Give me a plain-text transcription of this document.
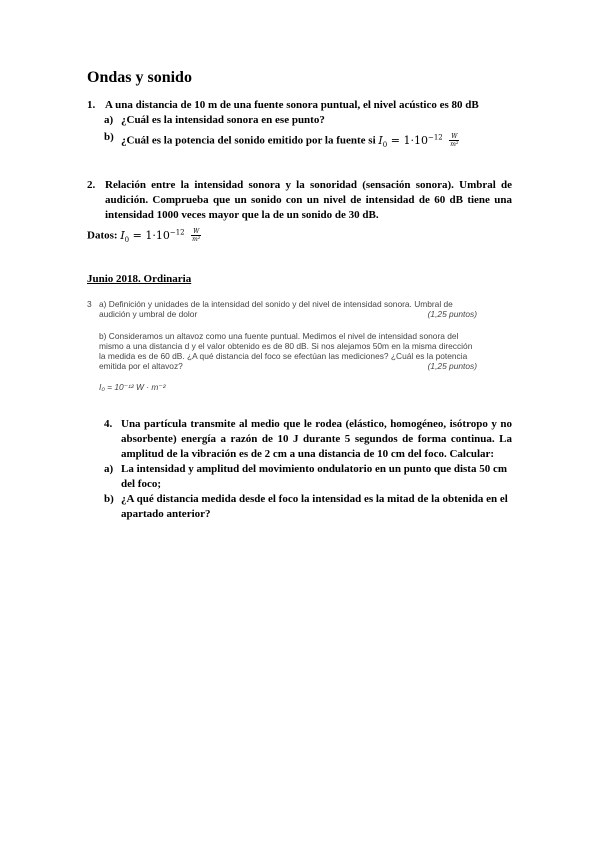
Ondas y sonido
1. A una distancia de 10 m de una fuente sonora puntual, el nivel acústico es 80 dB
a) ¿Cuál es la intensidad sonora en ese punto?
b) ¿Cuál es la potencia del sonido emitido por la fuente si $I_0 = 1\cdot 10^{-12} \frac{W}{\text{m²}}$
2. Relación entre la intensidad sonora y la sonoridad (sensación sonora). Umbral de
audición. Comprueba que un sonido con un nivel de intensidad de 60 dB tiene una
intensidad 1000 veces mayor que la de un sonido de 30 dB.
Datos: $I_0 = 1\cdot 10^{-12} \frac{W}{\text{m²}}$
Junio 2018. Ordinaria
3 a) Definición y unidades de la intensidad del sonido y del nivel de intensidad sonora. Umbral de
audición y umbral de dolor	(1,25 puntos)
b) Consideramos un altavoz como una fuente puntual. Medimos el nivel de intensidad sonora del
mismo a una distancia d y el valor obtenido es de 80 dB. Si nos alejamos 50m en la misma dirección
la medida es de 60 dB. ¿A qué distancia del foco se efectúan las mediciones? ¿Cuál es la potencia
emitida por el altavoz?	(1,25 puntos)
I₀ = 10⁻¹² W · m⁻²
4. Una partícula transmite al medio que le rodea (elástico, homogéneo, isótropo y no
absorbente) energía a razón de 10 J durante 5 segundos de forma continua. La
amplitud de la vibración es de 2 cm a una distancia de 10 cm del foco. Calcular:
a) La intensidad y amplitud del movimiento ondulatorio en un punto que dista 50 cm
del foco;
b) ¿A qué distancia medida desde el foco la intensidad es la mitad de la obtenida en el
apartado anterior?
